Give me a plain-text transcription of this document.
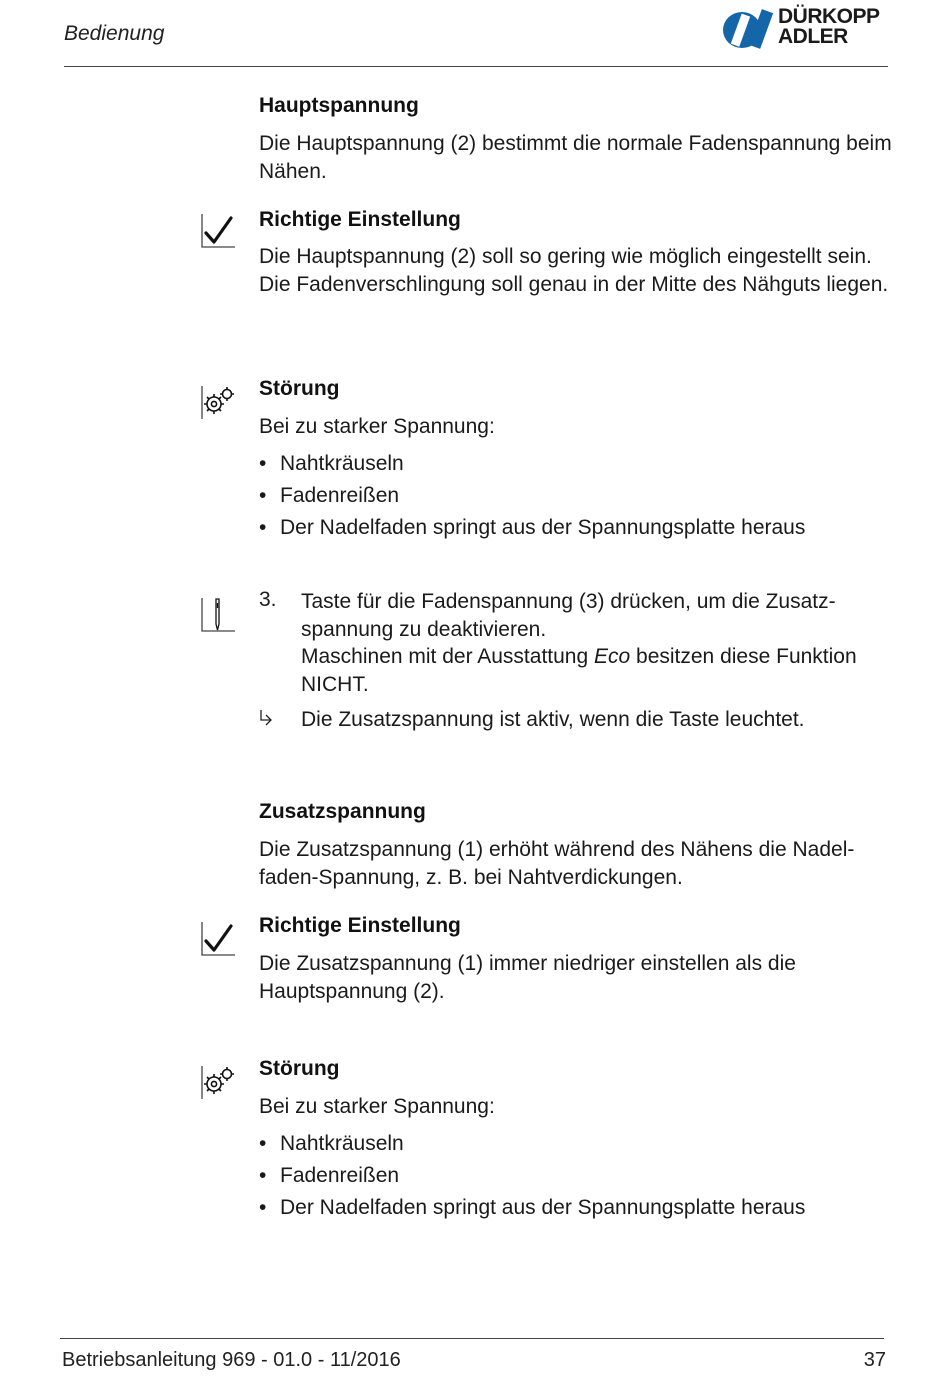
Bedienung
DÜRKOPP
ADLER
Hauptspannung
Die Hauptspannung (2) bestimmt die normale Fadenspannung beim Nähen.
Richtige Einstellung
Die Hauptspannung (2) soll so gering wie möglich eingestellt sein. Die Fadenverschlingung soll genau in der Mitte des Nähguts liegen.
Störung
Bei zu starker Spannung:
• Nahtkräuseln
• Fadenreißen
• Der Nadelfaden springt aus der Spannungsplatte heraus
3. Taste für die Fadenspannung (3) drücken, um die Zusatzspannung zu deaktivieren.
Maschinen mit der Ausstattung Eco besitzen diese Funktion NICHT.
Die Zusatzspannung ist aktiv, wenn die Taste leuchtet.
Zusatzspannung
Die Zusatzspannung (1) erhöht während des Nähens die Nadelfaden-Spannung, z. B. bei Nahtverdickungen.
Richtige Einstellung
Die Zusatzspannung (1) immer niedriger einstellen als die Hauptspannung (2).
Störung
Bei zu starker Spannung:
• Nahtkräuseln
• Fadenreißen
• Der Nadelfaden springt aus der Spannungsplatte heraus
Betriebsanleitung 969 - 01.0 - 11/2016	37
